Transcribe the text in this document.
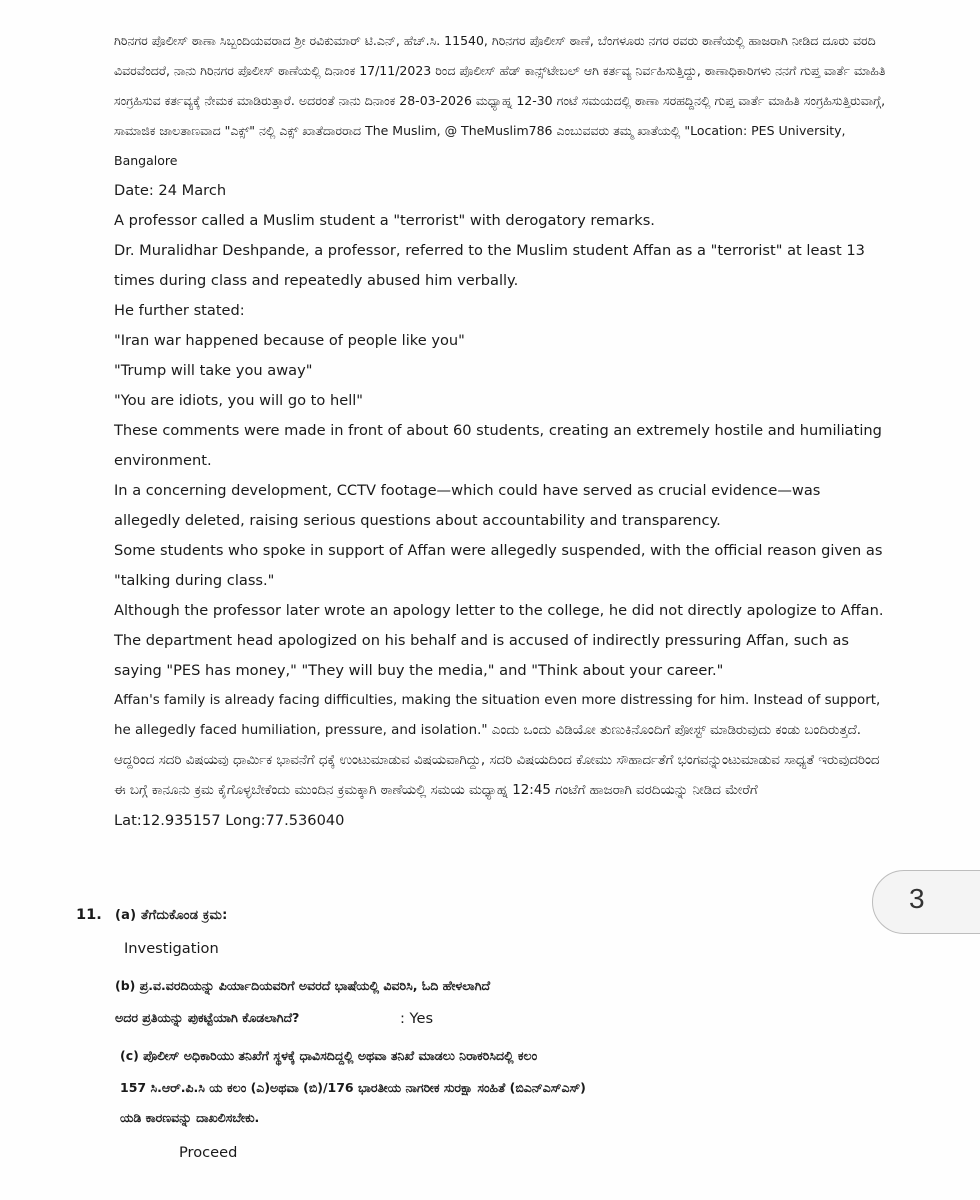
ಗಿರಿನಗರ ಪೊಲೀಸ್ ಠಾಣಾ ಸಿಬ್ಬಂದಿಯವರಾದ ಶ್ರೀ ರವಿಕುಮಾರ್ ಟಿ.ಎನ್, ಹೆಚ್.ಸಿ. 11540, ಗಿರಿನಗರ ಪೊಲೀಸ್ ಠಾಣೆ, ಬೆಂಗಳೂರು ನಗರ ರವರು ಠಾಣೆಯಲ್ಲಿ ಹಾಜರಾಗಿ ನೀಡಿದ ದೂರು ವರದಿ ವಿವರವೆಂದರೆ, ನಾನು ಗಿರಿನಗರ ಪೊಲೀಸ್ ಠಾಣೆಯಲ್ಲಿ ದಿನಾಂಕ 17/11/2023 ರಿಂದ ಪೊಲೀಸ್ ಹೆಡ್ ಕಾನ್ಸ್‌ಟೇಬಲ್ ಆಗಿ ಕರ್ತವ್ಯ ನಿರ್ವಹಿಸುತ್ತಿದ್ದು, ಠಾಣಾಧಿಕಾರಿಗಳು ನನಗೆ ಗುಪ್ತ ವಾರ್ತೆ ಮಾಹಿತಿ ಸಂಗ್ರಹಿಸುವ ಕರ್ತವ್ಯಕ್ಕೆ ನೇಮಕ ಮಾಡಿರುತ್ತಾರೆ. ಅದರಂತೆ ನಾನು ದಿನಾಂಕ 28-03-2026 ಮಧ್ಯಾಹ್ನ 12-30 ಗಂಟೆ ಸಮಯದಲ್ಲಿ ಠಾಣಾ ಸರಹದ್ದಿನಲ್ಲಿ ಗುಪ್ತ ವಾರ್ತೆ ಮಾಹಿತಿ ಸಂಗ್ರಹಿಸುತ್ತಿರುವಾಗ್ಗೆ, ಸಾಮಾಜಿಕ ಜಾಲತಾಣವಾದ "ಎಕ್ಸ್" ನಲ್ಲಿ ಎಕ್ಸ್ ಖಾತೆದಾರರಾದ The Muslim, @ TheMuslim786 ಎಂಬುವವರು ತಮ್ಮ ಖಾತೆಯಲ್ಲಿ "Location: PES University, Bangalore

Date: 24 March

A professor called a Muslim student a "terrorist" with derogatory remarks.

Dr. Muralidhar Deshpande, a professor, referred to the Muslim student Affan as a "terrorist" at least 13 times during class and repeatedly abused him verbally.

He further stated:

"Iran war happened because of people like you"

"Trump will take you away"

"You are idiots, you will go to hell"

These comments were made in front of about 60 students, creating an extremely hostile and humiliating environment.

In a concerning development, CCTV footage—which could have served as crucial evidence—was allegedly deleted, raising serious questions about accountability and transparency.

Some students who spoke in support of Affan were allegedly suspended, with the official reason given as "talking during class."

Although the professor later wrote an apology letter to the college, he did not directly apologize to Affan.

The department head apologized on his behalf and is accused of indirectly pressuring Affan, such as saying "PES has money," "They will buy the media," and "Think about your career."

Affan's family is already facing difficulties, making the situation even more distressing for him. Instead of support, he allegedly faced humiliation, pressure, and isolation." ಎಂದು ಒಂದು ವಿಡಿಯೋ ತುಣುಕಿನೊಂದಿಗೆ ಪೋಸ್ಟ್ ಮಾಡಿರುವುದು ಕಂಡು ಬಂದಿರುತ್ತದೆ. ಆದ್ದರಿಂದ ಸದರಿ ವಿಷಯವು ಧಾರ್ಮಿಕ ಭಾವನೆಗೆ ಧಕ್ಕೆ ಉಂಟುಮಾಡುವ ವಿಷಯವಾಗಿದ್ದು, ಸದರಿ ವಿಷಯದಿಂದ ಕೋಮು ಸೌಹಾರ್ದತೆಗೆ ಭಂಗವನ್ನುಂಟುಮಾಡುವ ಸಾಧ್ಯತೆ ಇರುವುದರಿಂದ ಈ ಬಗ್ಗೆ ಕಾನೂನು ಕ್ರಮ ಕೈಗೊಳ್ಳಬೇಕೆಂದು ಮುಂದಿನ ಕ್ರಮಕ್ಕಾಗಿ ಠಾಣೆಯಲ್ಲಿ ಸಮಯ ಮಧ್ಯಾಹ್ನ 12:45 ಗಂಟೆಗೆ ಹಾಜರಾಗಿ ವರದಿಯನ್ನು ನೀಡಿದ ಮೇರೆಗೆ

Lat:12.935157 Long:77.536040

11. (a) ತೆಗೆದುಕೊಂಡ ಕ್ರಮ:
Investigation
(b) ಪ್ರ.ವ.ವರದಿಯನ್ನು ಪಿರ್ಯಾದಿಯವರಿಗೆ ಅವರದೆ ಭಾಷೆಯಲ್ಲಿ ವಿವರಿಸಿ, ಓದಿ ಹೇಳಲಾಗಿದೆ
ಅದರ ಪ್ರತಿಯನ್ನು ಪುಕಟ್ಟೆಯಾಗಿ ಕೊಡಲಾಗಿದೆ?	: Yes
(c) ಪೊಲೀಸ್ ಅಧಿಕಾರಿಯು ತನಿಖೆಗೆ ಸ್ಥಳಕ್ಕೆ ಧಾವಿಸದಿದ್ದಲ್ಲಿ ಅಥವಾ ತನಿಖೆ ಮಾಡಲು ನಿರಾಕರಿಸಿದಲ್ಲಿ ಕಲಂ
157 ಸಿ.ಆರ್.ಪಿ.ಸಿ ಯ ಕಲಂ (ಎ)ಅಥವಾ (ಬಿ)/176 ಭಾರತೀಯ ನಾಗರೀಕ ಸುರಕ್ಷಾ ಸಂಹಿತೆ (ಬಿಎನ್‌ಎಸ್‌ಎಸ್)
ಯಡಿ ಕಾರಣವನ್ನು ದಾಖಲಿಸಬೇಕು.
Proceed
3
